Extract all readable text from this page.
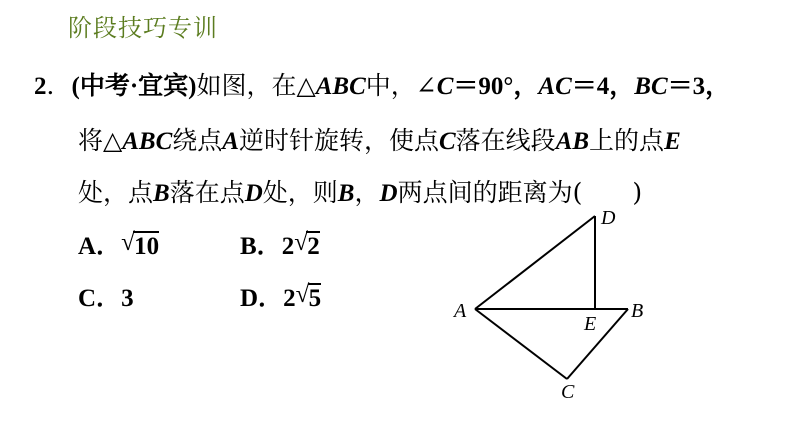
阶段技巧专训
2．(中考·宜宾)如图，在△ABC中，∠C＝90°，AC＝4，BC＝3，
将△ABC绕点A逆时针旋转，使点C落在线段AB上的点E
处，点B落在点D处，则B，D两点间的距离为(　　)
A． √ 10	B．2 √ 2
C．3	D．2 √ 5
D
A
E
B
C
